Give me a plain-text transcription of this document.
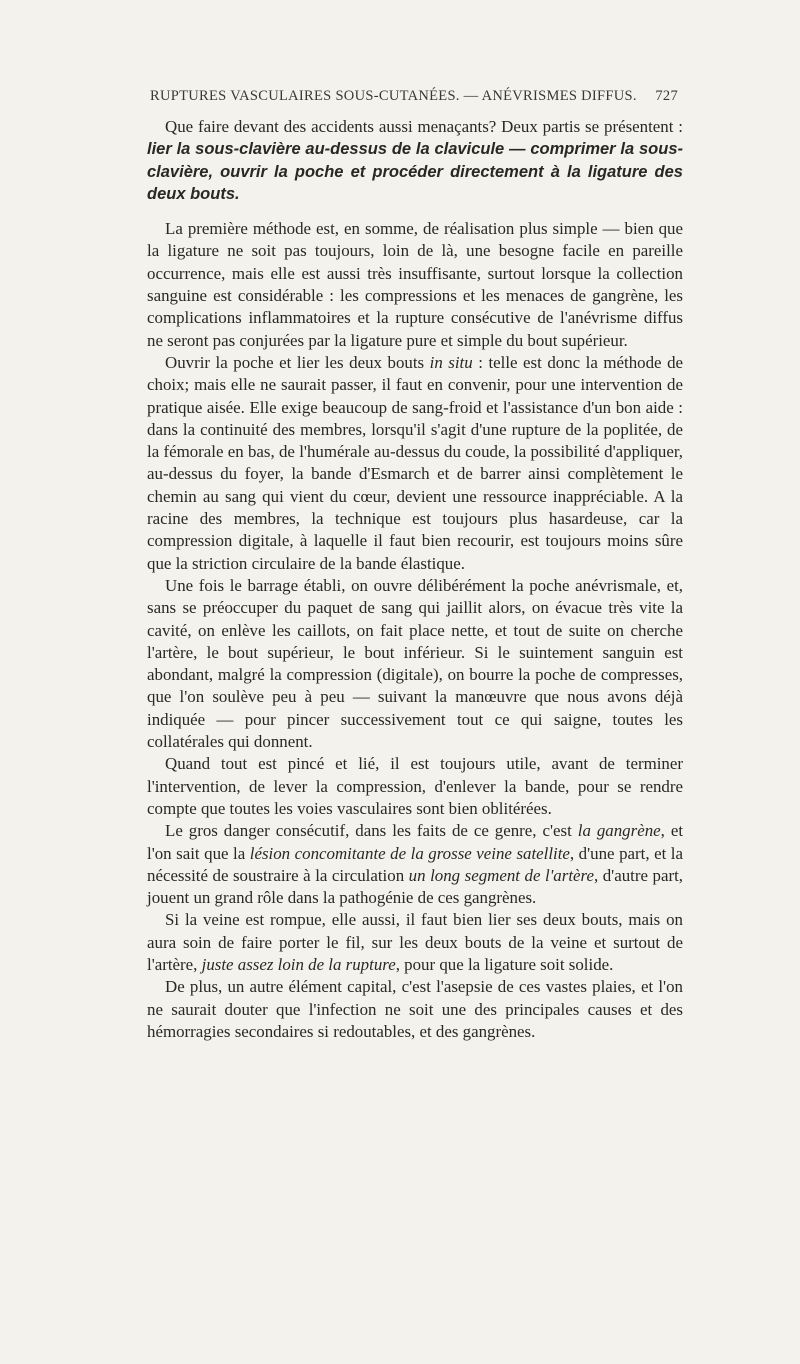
RUPTURES VASCULAIRES SOUS-CUTANÉES. — ANÉVRISMES DIFFUS. 727

Que faire devant des accidents aussi menaçants? Deux partis se présentent : lier la sous-clavière au-dessus de la clavicule — comprimer la sous-clavière, ouvrir la poche et procéder directement à la ligature des deux bouts.

La première méthode est, en somme, de réalisation plus simple — bien que la ligature ne soit pas toujours, loin de là, une besogne facile en pareille occurrence, mais elle est aussi très insuffisante, surtout lorsque la collection sanguine est considérable : les compressions et les menaces de gangrène, les complications inflammatoires et la rupture consécutive de l'anévrisme diffus ne seront pas conjurées par la ligature pure et simple du bout supérieur.

Ouvrir la poche et lier les deux bouts in situ : telle est donc la méthode de choix; mais elle ne saurait passer, il faut en convenir, pour une intervention de pratique aisée. Elle exige beaucoup de sang-froid et l'assistance d'un bon aide : dans la continuité des membres, lorsqu'il s'agit d'une rupture de la poplitée, de la fémorale en bas, de l'humérale au-dessus du coude, la possibilité d'appliquer, au-dessus du foyer, la bande d'Esmarch et de barrer ainsi complètement le chemin au sang qui vient du cœur, devient une ressource inappréciable. A la racine des membres, la technique est toujours plus hasardeuse, car la compression digitale, à laquelle il faut bien recourir, est toujours moins sûre que la striction circulaire de la bande élastique.

Une fois le barrage établi, on ouvre délibérément la poche anévrismale, et, sans se préoccuper du paquet de sang qui jaillit alors, on évacue très vite la cavité, on enlève les caillots, on fait place nette, et tout de suite on cherche l'artère, le bout supérieur, le bout inférieur. Si le suintement sanguin est abondant, malgré la compression (digitale), on bourre la poche de compresses, que l'on soulève peu à peu — suivant la manœuvre que nous avons déjà indiquée — pour pincer successivement tout ce qui saigne, toutes les collatérales qui donnent.

Quand tout est pincé et lié, il est toujours utile, avant de terminer l'intervention, de lever la compression, d'enlever la bande, pour se rendre compte que toutes les voies vasculaires sont bien oblitérées.

Le gros danger consécutif, dans les faits de ce genre, c'est la gangrène, et l'on sait que la lésion concomitante de la grosse veine satellite, d'une part, et la nécessité de soustraire à la circulation un long segment de l'artère, d'autre part, jouent un grand rôle dans la pathogénie de ces gangrènes.

Si la veine est rompue, elle aussi, il faut bien lier ses deux bouts, mais on aura soin de faire porter le fil, sur les deux bouts de la veine et surtout de l'artère, juste assez loin de la rupture, pour que la ligature soit solide.

De plus, un autre élément capital, c'est l'asepsie de ces vastes plaies, et l'on ne saurait douter que l'infection ne soit une des principales causes et des hémorragies secondaires si redoutables, et des gangrènes.
